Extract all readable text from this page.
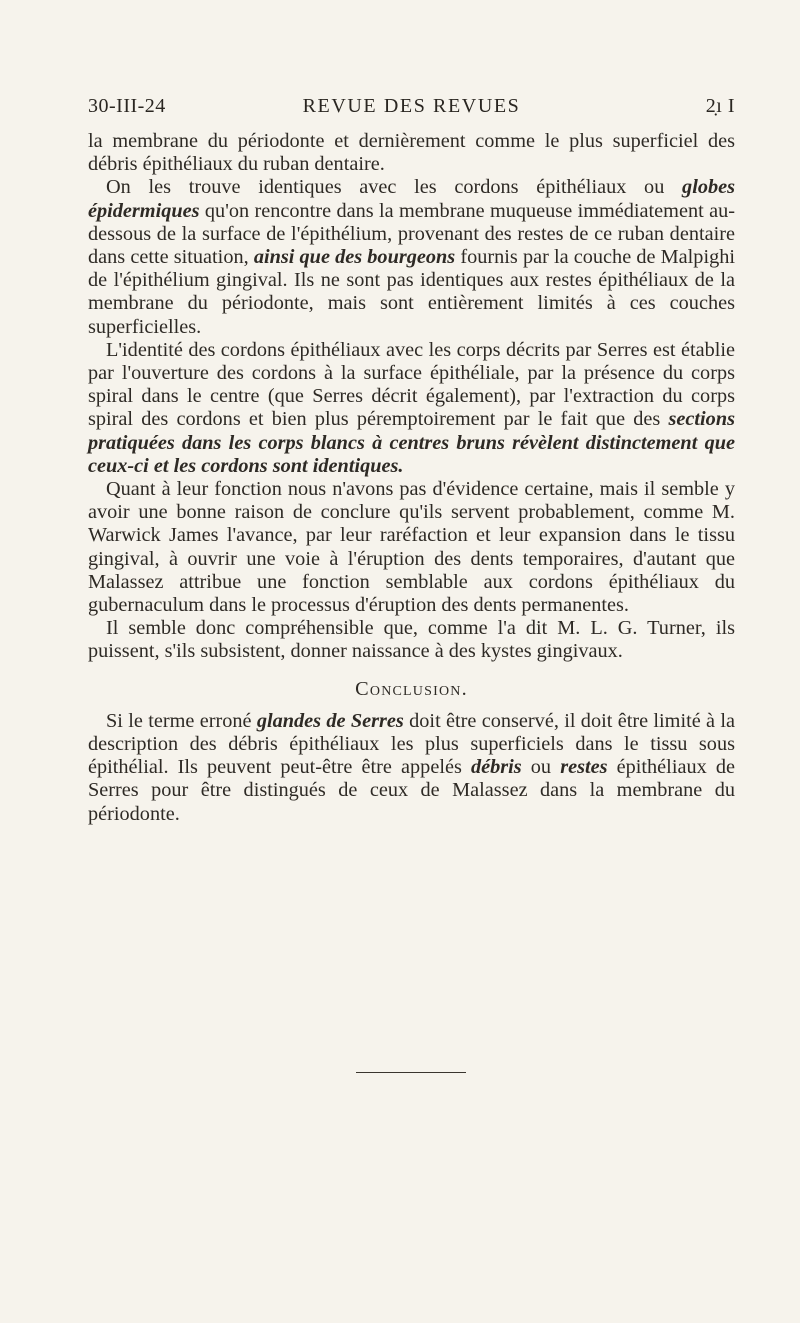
30-III-24	REVUE DES REVUES	2̣ı I

la membrane du périodonte et dernièrement comme le plus superficiel des débris épithéliaux du ruban dentaire.

On les trouve identiques avec les cordons épithéliaux ou globes épidermiques qu'on rencontre dans la membrane muqueuse immédiatement au-dessous de la surface de l'épithélium, provenant des restes de ce ruban dentaire dans cette situation, ainsi que des bourgeons fournis par la couche de Malpighi de l'épithélium gingival. Ils ne sont pas identiques aux restes épithéliaux de la membrane du périodonte, mais sont entièrement limités à ces couches superficielles.

L'identité des cordons épithéliaux avec les corps décrits par Serres est établie par l'ouverture des cordons à la surface épithéliale, par la présence du corps spiral dans le centre (que Serres décrit également), par l'extraction du corps spiral des cordons et bien plus péremptoirement par le fait que des sections pratiquées dans les corps blancs à centres bruns révèlent distinctement que ceux-ci et les cordons sont identiques.

Quant à leur fonction nous n'avons pas d'évidence certaine, mais il semble y avoir une bonne raison de conclure qu'ils servent probablement, comme M. Warwick James l'avance, par leur raréfaction et leur expansion dans le tissu gingival, à ouvrir une voie à l'éruption des dents temporaires, d'autant que Malassez attribue une fonction semblable aux cordons épithéliaux du gubernaculum dans le processus d'éruption des dents permanentes.

Il semble donc compréhensible que, comme l'a dit M. L. G. Turner, ils puissent, s'ils subsistent, donner naissance à des kystes gingivaux.

Conclusion.

Si le terme erroné glandes de Serres doit être conservé, il doit être limité à la description des débris épithéliaux les plus superficiels dans le tissu sous épithélial. Ils peuvent peut-être être appelés débris ou restes épithéliaux de Serres pour être distingués de ceux de Malassez dans la membrane du périodonte.
